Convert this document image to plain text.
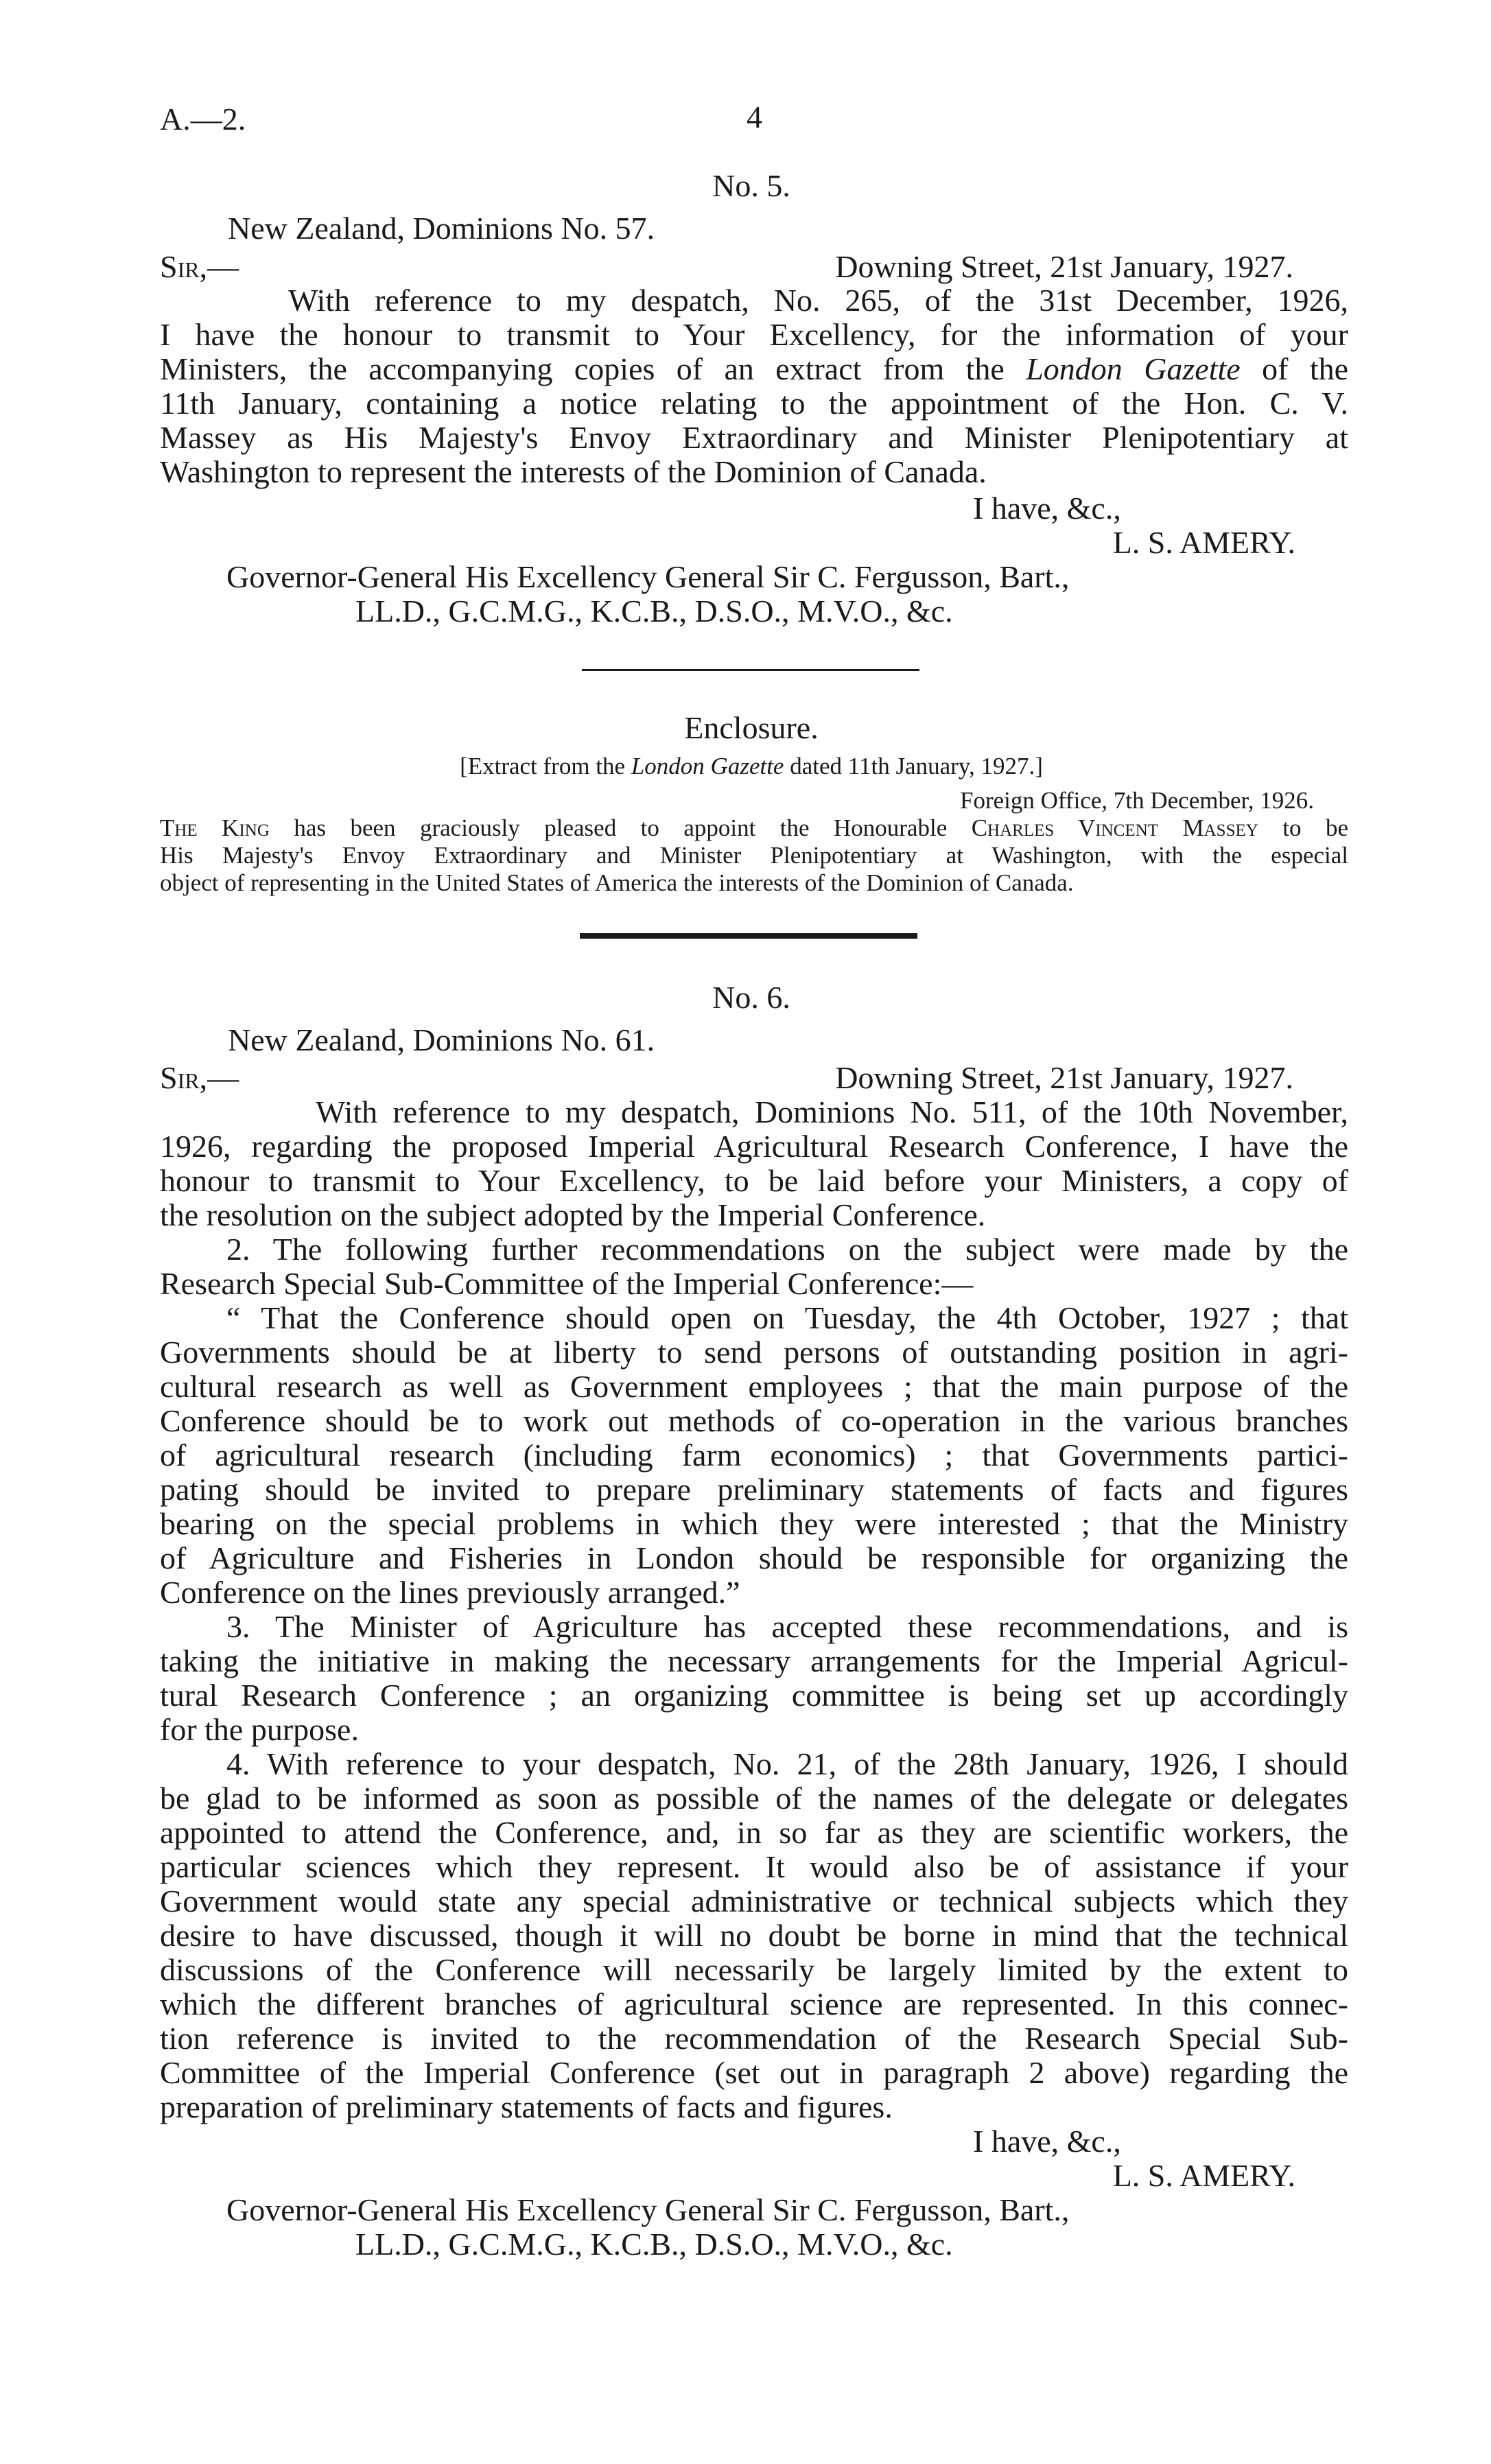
A.—2.	4
No. 5.
New Zealand, Dominions No. 57.
Sir,—	Downing Street, 21st January, 1927.
With reference to my despatch, No. 265, of the 31st December, 1926,
I have the honour to transmit to Your Excellency, for the information of your
Ministers, the accompanying copies of an extract from the London Gazette of the
11th January, containing a notice relating to the appointment of the Hon. C. V.
Massey as His Majesty's Envoy Extraordinary and Minister Plenipotentiary at
Washington to represent the interests of the Dominion of Canada.
I have, &c.,
L. S. AMERY.
Governor-General His Excellency General Sir C. Fergusson, Bart.,
LL.D., G.C.M.G., K.C.B., D.S.O., M.V.O., &c.
Enclosure.
[Extract from the London Gazette dated 11th January, 1927.]
Foreign Office, 7th December, 1926.
The King has been graciously pleased to appoint the Honourable Charles Vincent Massey to be
His Majesty's Envoy Extraordinary and Minister Plenipotentiary at Washington, with the especial
object of representing in the United States of America the interests of the Dominion of Canada.
No. 6.
New Zealand, Dominions No. 61.
Sir,—	Downing Street, 21st January, 1927.
With reference to my despatch, Dominions No. 511, of the 10th November,
1926, regarding the proposed Imperial Agricultural Research Conference, I have the
honour to transmit to Your Excellency, to be laid before your Ministers, a copy of
the resolution on the subject adopted by the Imperial Conference.
2. The following further recommendations on the subject were made by the
Research Special Sub-Committee of the Imperial Conference:—
“ That the Conference should open on Tuesday, the 4th October, 1927 ; that
Governments should be at liberty to send persons of outstanding position in agri-
cultural research as well as Government employees ; that the main purpose of the
Conference should be to work out methods of co-operation in the various branches
of agricultural research (including farm economics) ; that Governments partici-
pating should be invited to prepare preliminary statements of facts and figures
bearing on the special problems in which they were interested ; that the Ministry
of Agriculture and Fisheries in London should be responsible for organizing the
Conference on the lines previously arranged.”
3. The Minister of Agriculture has accepted these recommendations, and is
taking the initiative in making the necessary arrangements for the Imperial Agricul-
tural Research Conference ; an organizing committee is being set up accordingly
for the purpose.
4. With reference to your despatch, No. 21, of the 28th January, 1926, I should
be glad to be informed as soon as possible of the names of the delegate or delegates
appointed to attend the Conference, and, in so far as they are scientific workers, the
particular sciences which they represent. It would also be of assistance if your
Government would state any special administrative or technical subjects which they
desire to have discussed, though it will no doubt be borne in mind that the technical
discussions of the Conference will necessarily be largely limited by the extent to
which the different branches of agricultural science are represented. In this connec-
tion reference is invited to the recommendation of the Research Special Sub-
Committee of the Imperial Conference (set out in paragraph 2 above) regarding the
preparation of preliminary statements of facts and figures.
I have, &c.,
L. S. AMERY.
Governor-General His Excellency General Sir C. Fergusson, Bart.,
LL.D., G.C.M.G., K.C.B., D.S.O., M.V.O., &c.
